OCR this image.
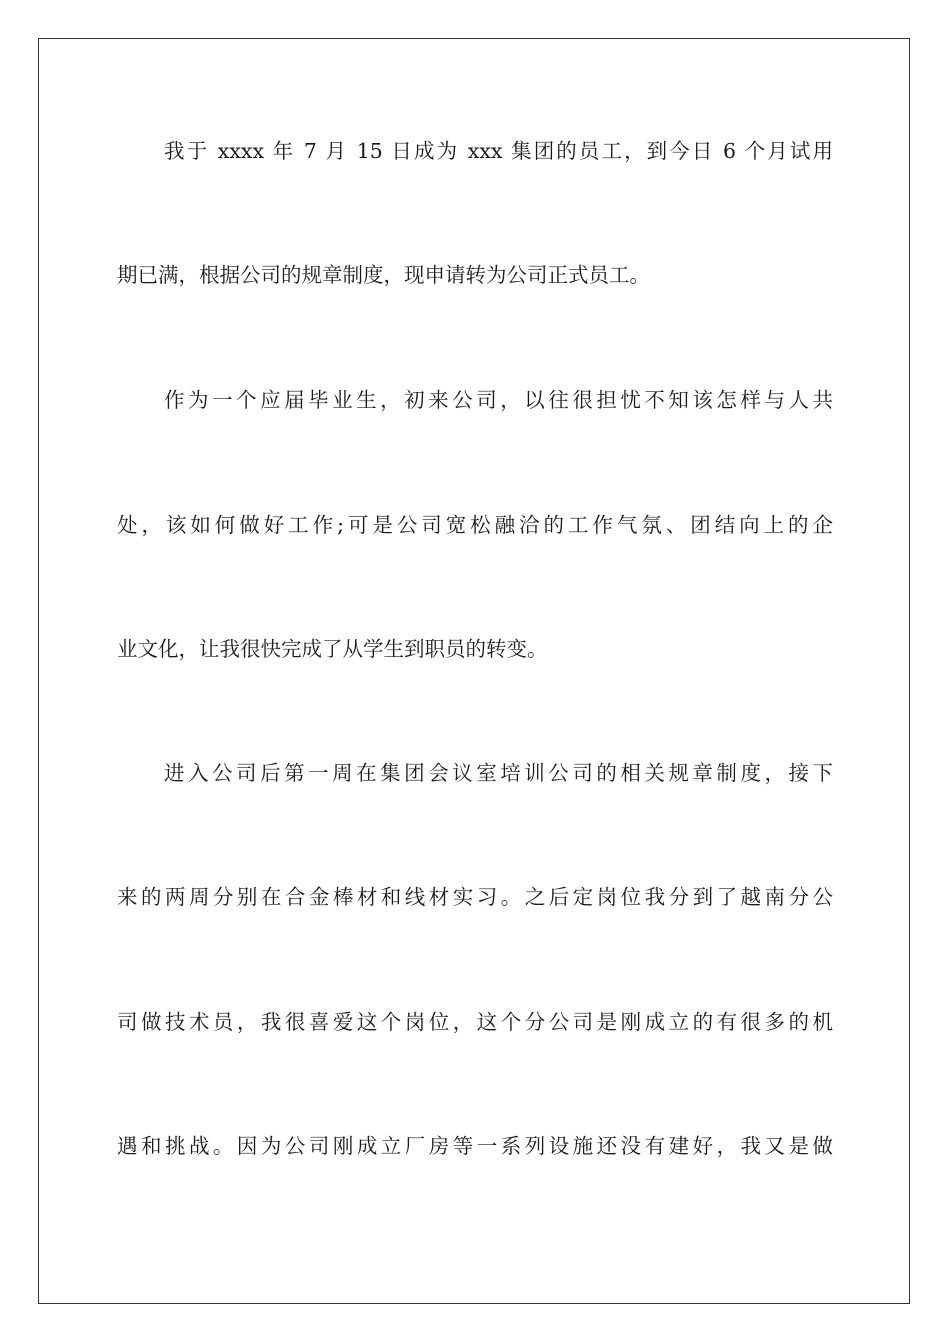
我于 xxxx 年 7 月 15 日成为 xxx 集团的员工，到今日 6 个月试用
期已满，根据公司的规章制度，现申请转为公司正式员工。
作为一个应届毕业生，初来公司，以往很担忧不知该怎样与人共
处，该如何做好工作;可是公司宽松融洽的工作气氛、团结向上的企
业文化，让我很快完成了从学生到职员的转变。
进入公司后第一周在集团会议室培训公司的相关规章制度，接下
来的两周分别在合金棒材和线材实习。之后定岗位我分到了越南分公
司做技术员，我很喜爱这个岗位，这个分公司是刚成立的有很多的机
遇和挑战。因为公司刚成立厂房等一系列设施还没有建好，我又是做
